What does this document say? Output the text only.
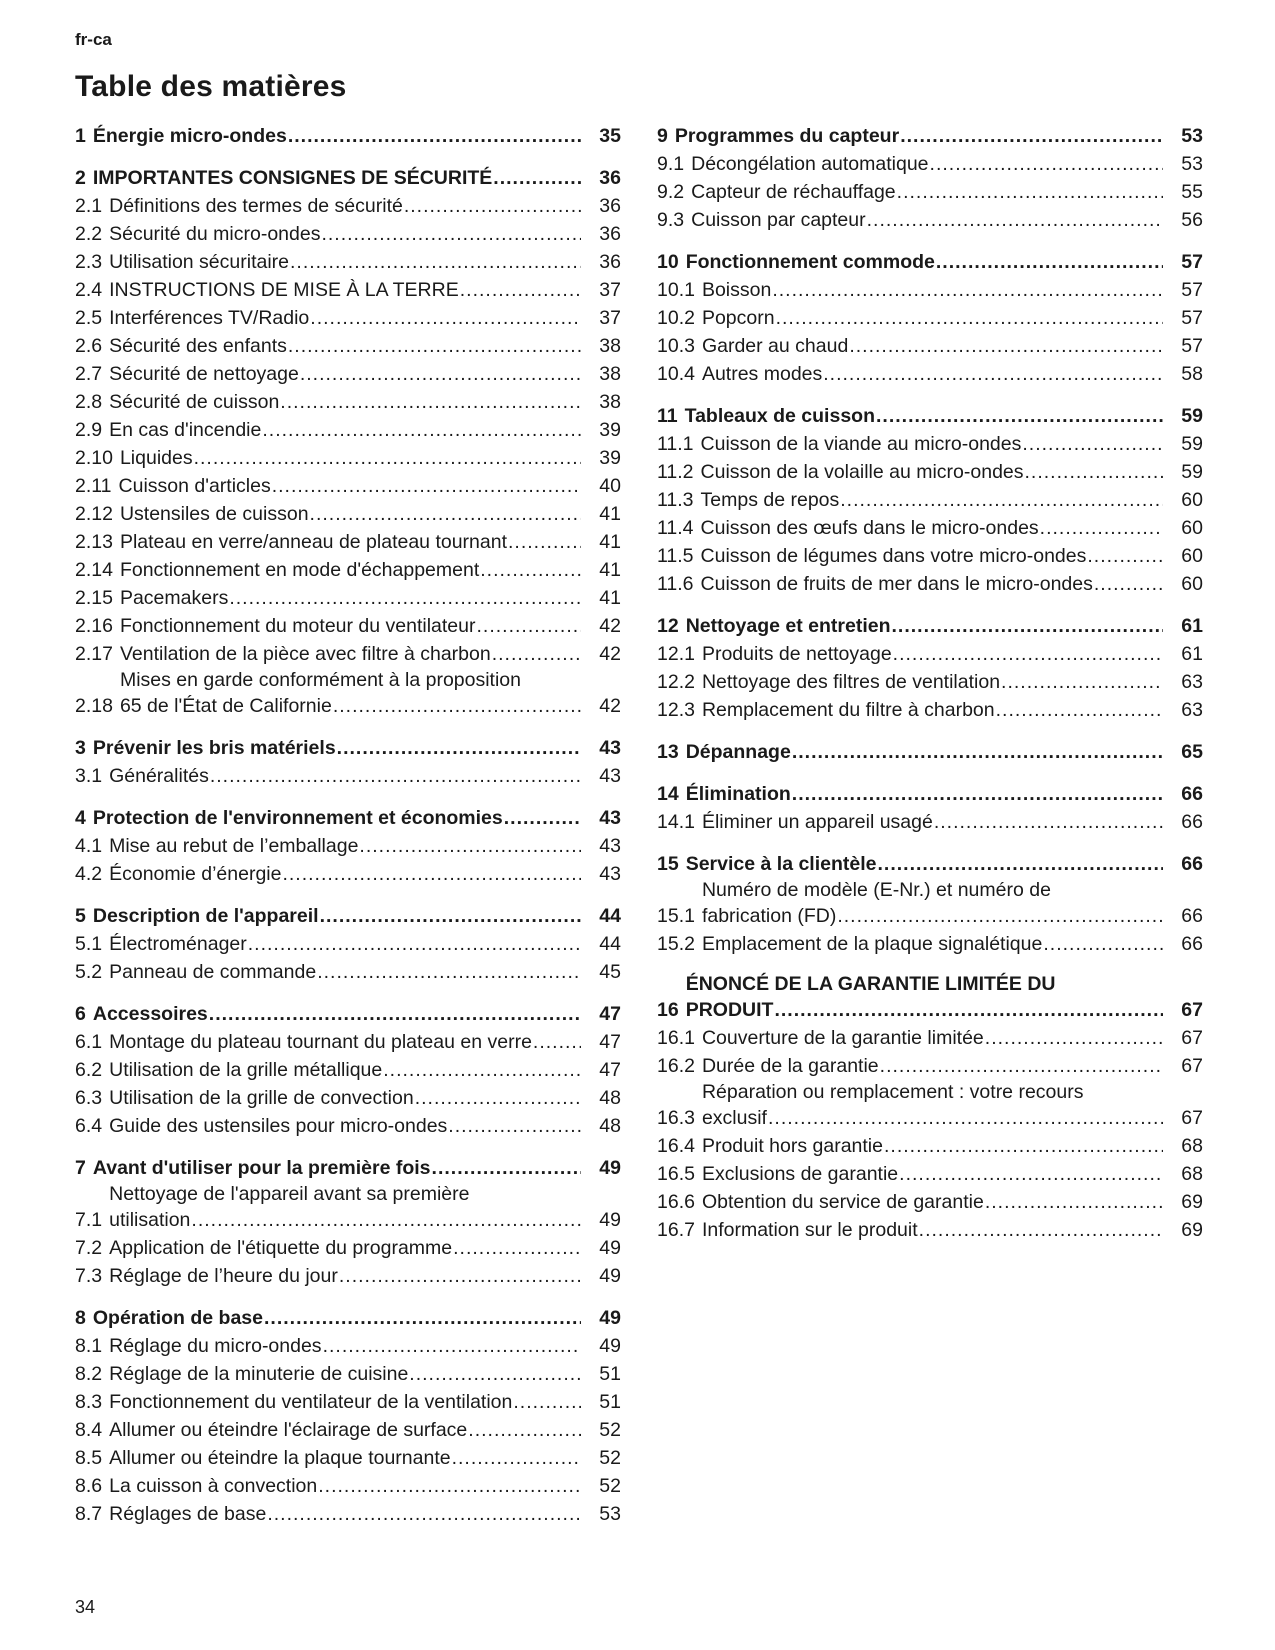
fr-ca
Table des matières
1 Énergie micro-ondes .....	35
2 IMPORTANTES CONSIGNES DE SÉCURITÉ .....	36
2.1 Définitions des termes de sécurité .....	36
2.2 Sécurité du micro-ondes .....	36
2.3 Utilisation sécuritaire .....	36
2.4 INSTRUCTIONS DE MISE À LA TERRE .....	37
2.5 Interférences TV/Radio .....	37
2.6 Sécurité des enfants .....	38
2.7 Sécurité de nettoyage .....	38
2.8 Sécurité de cuisson .....	38
2.9 En cas d'incendie .....	39
2.10 Liquides .....	39
2.11 Cuisson d'articles .....	40
2.12 Ustensiles de cuisson .....	41
2.13 Plateau en verre/anneau de plateau tournant .....	41
2.14 Fonctionnement en mode d'échappement .....	41
2.15 Pacemakers .....	41
2.16 Fonctionnement du moteur du ventilateur .....	42
2.17 Ventilation de la pièce avec filtre à charbon .....	42
2.18
Mises en garde conformément à la proposition
65 de l'État de Californie .....	42
3 Prévenir les bris matériels .....	43
3.1 Généralités .....	43
4 Protection de l'environnement et économies .....	43
4.1 Mise au rebut de l’emballage .....	43
4.2 Économie d’énergie .....	43
5 Description de l'appareil .....	44
5.1 Électroménager .....	44
5.2 Panneau de commande .....	45
6 Accessoires .....	47
6.1 Montage du plateau tournant du plateau en verre .....	47
6.2 Utilisation de la grille métallique .....	47
6.3 Utilisation de la grille de convection .....	48
6.4 Guide des ustensiles pour micro-ondes .....	48
7 Avant d'utiliser pour la première fois .....	49
7.1
Nettoyage de l'appareil avant sa première
utilisation .....	49
7.2 Application de l'étiquette du programme .....	49
7.3 Réglage de l’heure du jour .....	49
8 Opération de base .....	49
8.1 Réglage du micro-ondes .....	49
8.2 Réglage de la minuterie de cuisine .....	51
8.3 Fonctionnement du ventilateur de la ventilation .....	51
8.4 Allumer ou éteindre l'éclairage de surface .....	52
8.5 Allumer ou éteindre la plaque tournante .....	52
8.6 La cuisson à convection .....	52
8.7 Réglages de base .....	53
9 Programmes du capteur .....	53
9.1 Décongélation automatique .....	53
9.2 Capteur de réchauffage .....	55
9.3 Cuisson par capteur .....	56
10 Fonctionnement commode .....	57
10.1 Boisson .....	57
10.2 Popcorn .....	57
10.3 Garder au chaud .....	57
10.4 Autres modes .....	58
11 Tableaux de cuisson .....	59
11.1 Cuisson de la viande au micro-ondes .....	59
11.2 Cuisson de la volaille au micro-ondes .....	59
11.3 Temps de repos .....	60
11.4 Cuisson des œufs dans le micro-ondes .....	60
11.5 Cuisson de légumes dans votre micro-ondes .....	60
11.6 Cuisson de fruits de mer dans le micro-ondes .....	60
12 Nettoyage et entretien .....	61
12.1 Produits de nettoyage .....	61
12.2 Nettoyage des filtres de ventilation .....	63
12.3 Remplacement du filtre à charbon .....	63
13 Dépannage .....	65
14 Élimination .....	66
14.1 Éliminer un appareil usagé .....	66
15 Service à la clientèle .....	66
15.1
Numéro de modèle (E-Nr.) et numéro de
fabrication (FD) .....	66
15.2 Emplacement de la plaque signalétique .....	66
16
ÉNONCÉ DE LA GARANTIE LIMITÉE DU
PRODUIT .....	67
16.1 Couverture de la garantie limitée .....	67
16.2 Durée de la garantie .....	67
16.3
Réparation ou remplacement : votre recours
exclusif .....	67
16.4 Produit hors garantie .....	68
16.5 Exclusions de garantie .....	68
16.6 Obtention du service de garantie .....	69
16.7 Information sur le produit .....	69
34
